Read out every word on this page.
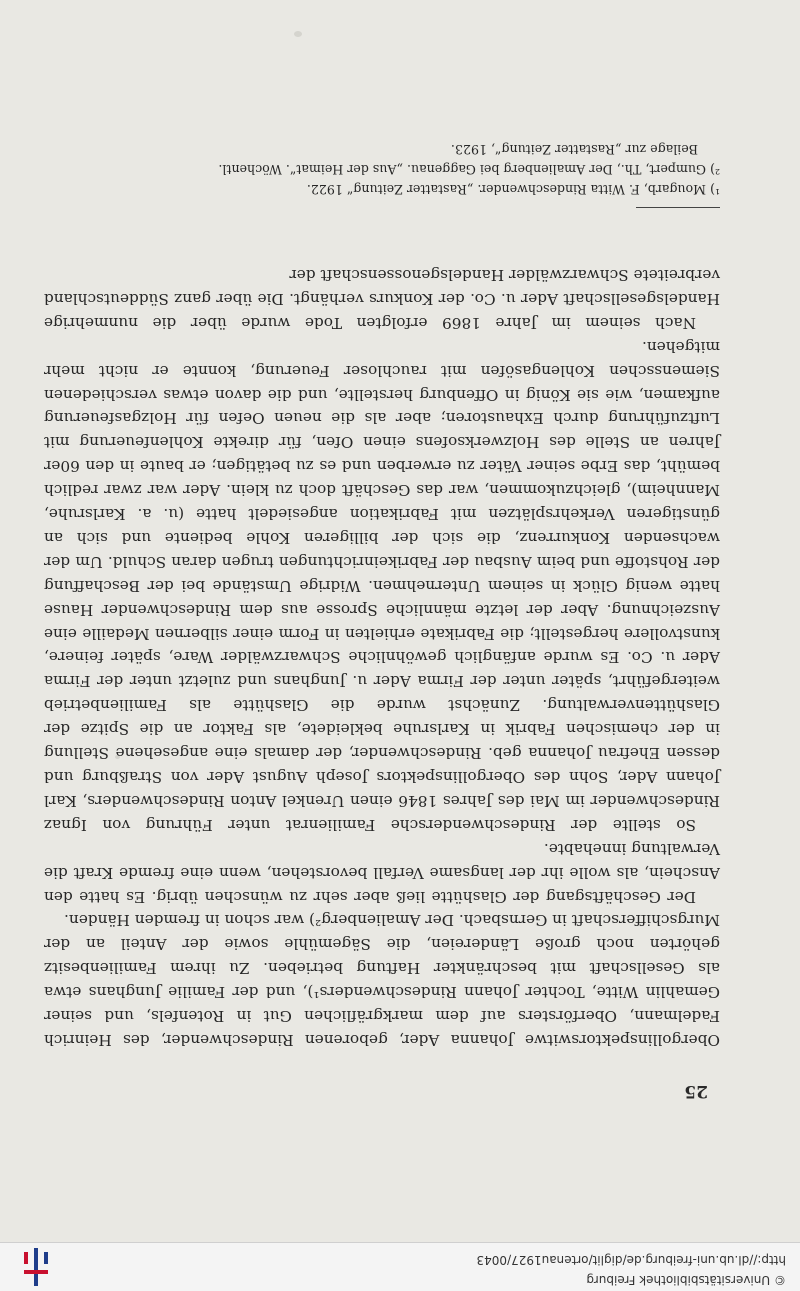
© Universitätsbibliothek Freiburg
http://dl.ub.uni-freiburg.de/diglit/ortenau1927/0043
25

Obergollinspektorswitwe Johanna Ader, geborenen Rindeschwender, des Heinrich Fadelmann, Oberförsters auf dem markgräflichen Gut in Rotenfels, und seiner Gemahlin Witte, Tochter Johann Rindeschwenders¹), und der Familie Junghans etwa als Gesellschaft mit beschränkter Haftung betrieben. Zu ihrem Familienbesitz gehörten noch große Ländereien, die Sägemühle sowie der Anteil an der Murgschifferschaft in Gernsbach. Der Amalienberg²) war schon in fremden Händen.

Der Geschäftsgang der Glashütte ließ aber sehr zu wünschen übrig. Es hatte den Anschein, als wolle ihr der langsame Verfall bevorstehen, wenn eine fremde Kraft die Verwaltung innehabte.

So stellte der Rindeschwendersche Familienrat unter Führung von Ignaz Rindeschwender im Mai des Jahres 1846 einen Urenkel Anton Rindeschwenders, Karl Johann Ader, Sohn des Obergollinspektors Joseph August Ader von Straßburg und dessen Ehefrau Johanna geb. Rindeschwender, der damals eine angesehene Stellung in der chemischen Fabrik in Karlsruhe bekleidete, als Faktor an die Spitze der Glashüttenverwaltung. Zunächst wurde die Glashütte als Familienbetrieb weitergeführt, später unter der Firma Ader u. Junghans und zuletzt unter der Firma Ader u. Co. Es wurde anfänglich gewöhnliche Schwarzwälder Ware, später feinere, kunstvollere hergestellt; die Fabrikate erhielten in Form einer silbernen Medaille eine Auszeichnung. Aber der letzte männliche Sprosse aus dem Rindeschwender Hause hatte wenig Glück in seinem Unternehmen. Widrige Umstände bei der Beschaffung der Rohstoffe und beim Ausbau der Fabrikeinrichtungen trugen daran Schuld. Um der wachsenden Konkurrenz, die sich der billigeren Kohle bediente und sich an günstigeren Verkehrsplätzen mit Fabrikation angesiedelt hatte (u. a. Karlsruhe, Mannheim), gleichzukommen, war das Geschäft doch zu klein. Ader war zwar redlich bemüht, das Erbe seiner Väter zu erwerben und es zu betätigen; er baute in den 60er Jahren an Stelle des Holzwerksofens einen Ofen, für direkte Kohlenfeuerung mit Luftzuführung durch Exhaustoren; aber als die neuen Oefen für Holzgasfeuerung aufkamen, wie sie König in Offenburg herstellte, und die davon etwas verschiedenen Siemensschen Kohlengasöfen mit rauchloser Feuerung, konnte er nicht mehr mitgehen.

Nach seinem im Jahre 1869 erfolgten Tode wurde über die nunmehrige Handelsgesellschaft Ader u. Co. der Konkurs verhängt. Die über ganz Süddeutschland verbreitete Schwarzwälder Handelsgenossenschaft der

¹) Mougarb, F. Witta Rindeschwender. „Rastatter Zeitung“ 1922.

²) Gumpert, Th., Der Amalienberg bei Gaggenau. „Aus der Heimat“. Wöchentl.

Beilage zur „Rastatter Zeitung“, 1923.
